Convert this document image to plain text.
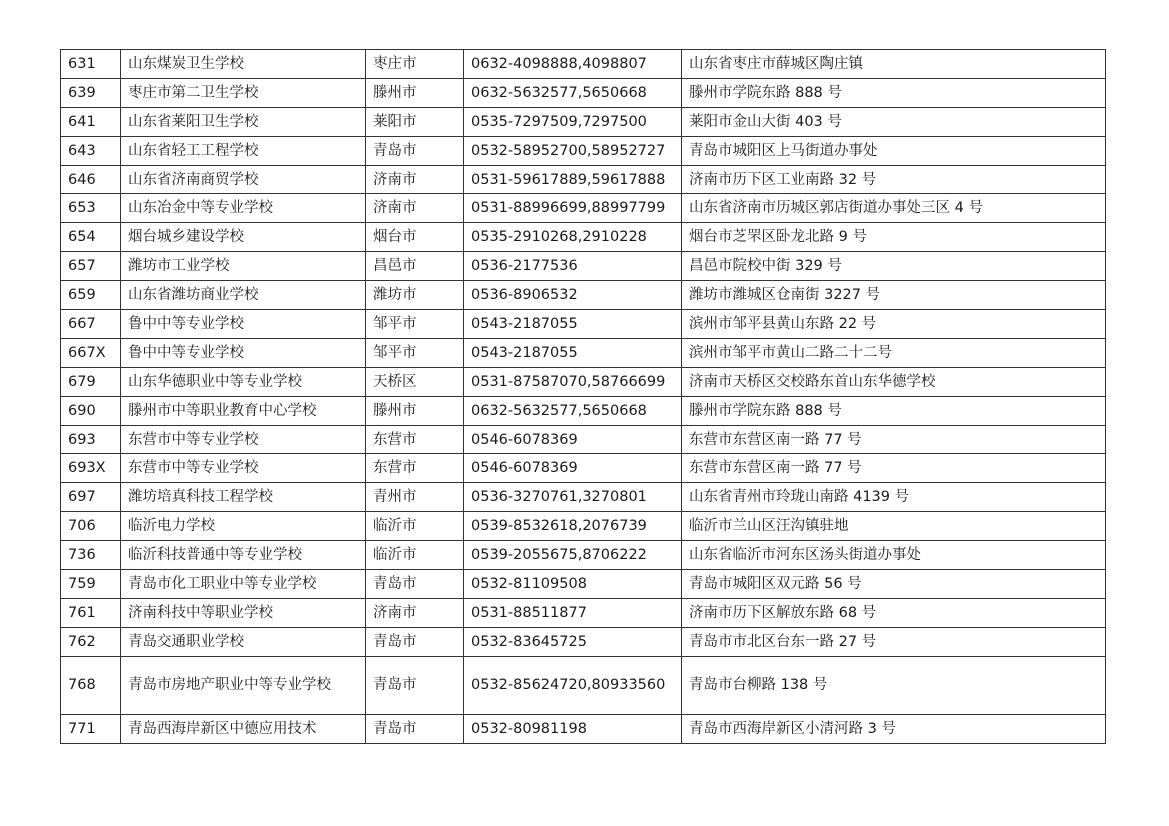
631	山东煤炭卫生学校	枣庄市	0632-4098888,4098807	山东省枣庄市薛城区陶庄镇
639	枣庄市第二卫生学校	滕州市	0632-5632577,5650668	滕州市学院东路 888 号
641	山东省莱阳卫生学校	莱阳市	0535-7297509,7297500	莱阳市金山大街 403 号
643	山东省轻工工程学校	青岛市	0532-58952700,58952727	青岛市城阳区上马街道办事处
646	山东省济南商贸学校	济南市	0531-59617889,59617888	济南市历下区工业南路 32 号
653	山东冶金中等专业学校	济南市	0531-88996699,88997799	山东省济南市历城区郭店街道办事处三区 4 号
654	烟台城乡建设学校	烟台市	0535-2910268,2910228	烟台市芝罘区卧龙北路 9 号
657	潍坊市工业学校	昌邑市	0536-2177536	昌邑市院校中街 329 号
659	山东省潍坊商业学校	潍坊市	0536-8906532	潍坊市潍城区仓南街 3227 号
667	鲁中中等专业学校	邹平市	0543-2187055	滨州市邹平县黄山东路 22 号
667X	鲁中中等专业学校	邹平市	0543-2187055	滨州市邹平市黄山二路二十二号
679	山东华德职业中等专业学校	天桥区	0531-87587070,58766699	济南市天桥区交校路东首山东华德学校
690	滕州市中等职业教育中心学校	滕州市	0632-5632577,5650668	滕州市学院东路 888 号
693	东营市中等专业学校	东营市	0546-6078369	东营市东营区南一路 77 号
693X	东营市中等专业学校	东营市	0546-6078369	东营市东营区南一路 77 号
697	潍坊培真科技工程学校	青州市	0536-3270761,3270801	山东省青州市玲珑山南路 4139 号
706	临沂电力学校	临沂市	0539-8532618,2076739	临沂市兰山区汪沟镇驻地
736	临沂科技普通中等专业学校	临沂市	0539-2055675,8706222	山东省临沂市河东区汤头街道办事处
759	青岛市化工职业中等专业学校	青岛市	0532-81109508	青岛市城阳区双元路 56 号
761	济南科技中等职业学校	济南市	0531-88511877	济南市历下区解放东路 68 号
762	青岛交通职业学校	青岛市	0532-83645725	青岛市市北区台东一路 27 号
768	青岛市房地产职业中等专业学校	青岛市	0532-85624720,80933560	青岛市台柳路 138 号
771	青岛西海岸新区中德应用技术	青岛市	0532-80981198	青岛市西海岸新区小清河路 3 号
